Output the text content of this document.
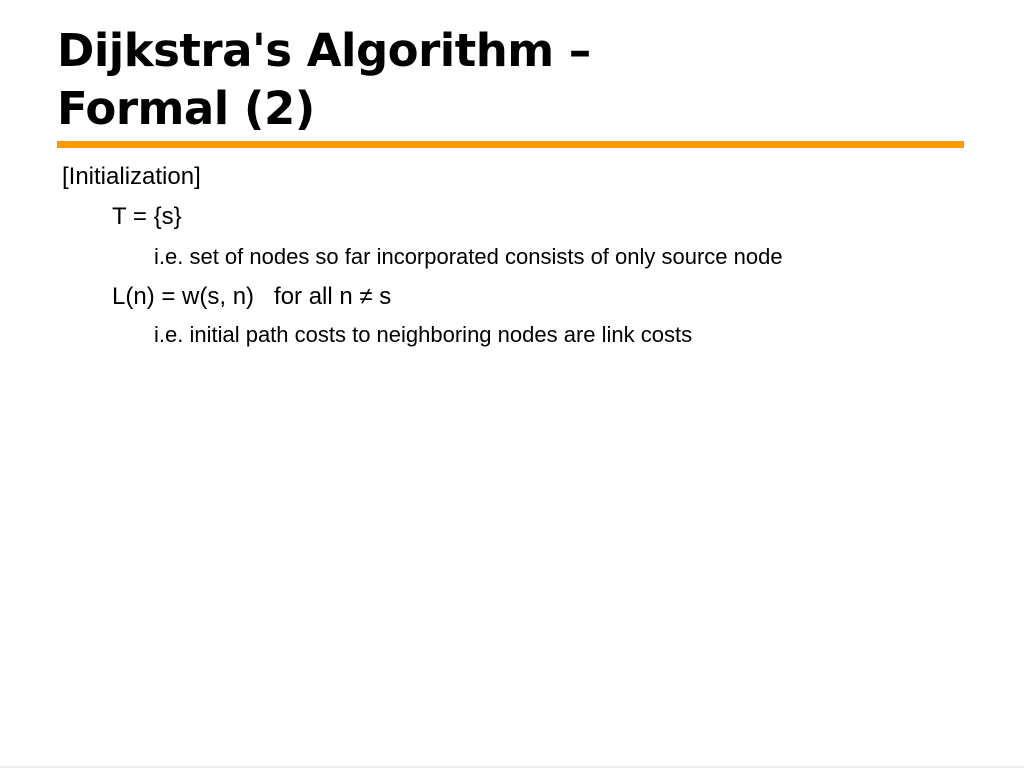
Dijkstra's Algorithm –
Formal (2)
[Initialization]
T = {s}
i.e. set of nodes so far incorporated consists of only source node
L(n) = w(s, n)   for all n ≠ s
i.e. initial path costs to neighboring nodes are link costs
